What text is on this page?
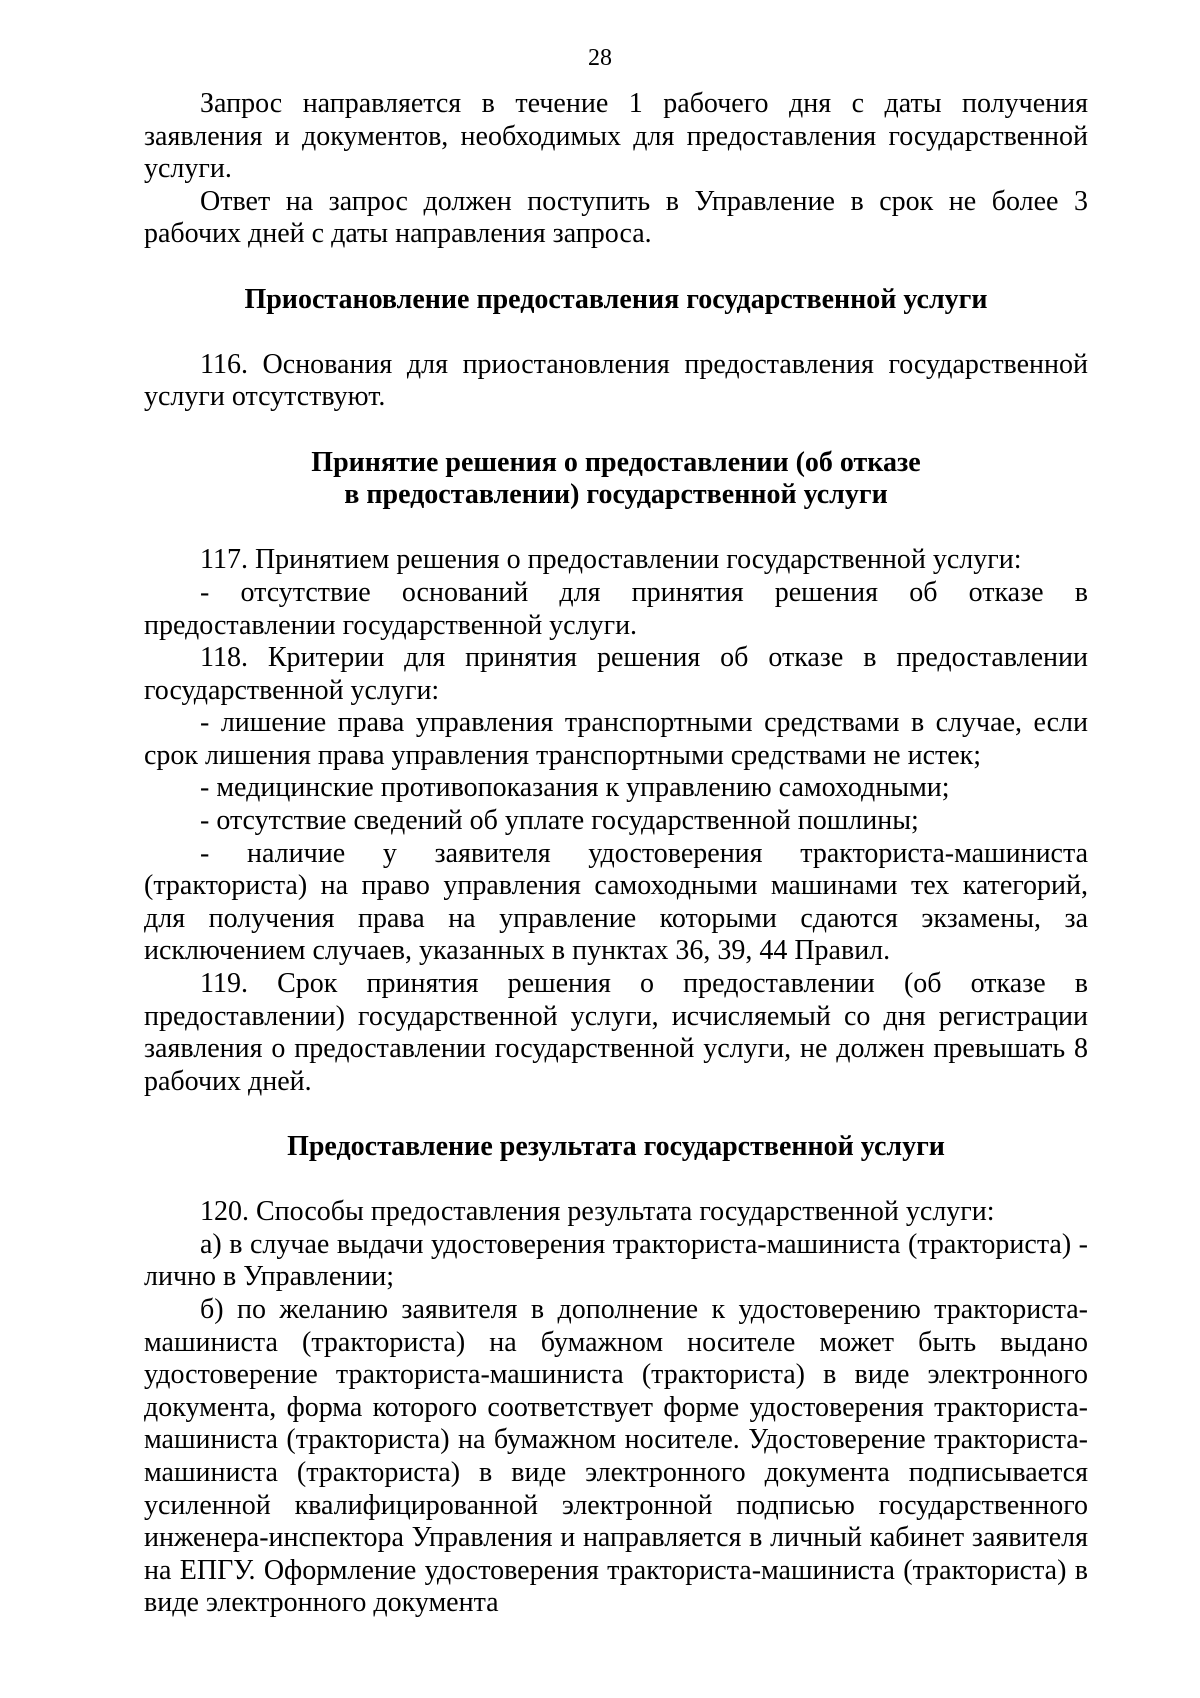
28

Запрос направляется в течение 1 рабочего дня с даты получения заявления и документов, необходимых для предоставления государственной услуги.

Ответ на запрос должен поступить в Управление в срок не более 3 рабочих дней с даты направления запроса.

Приостановление предоставления государственной услуги

116. Основания для приостановления предоставления государственной услуги отсутствуют.

Принятие решения о предоставлении (об отказе
в предоставлении) государственной услуги

117. Принятием решения о предоставлении государственной услуги:

- отсутствие оснований для принятия решения об отказе в предоставлении государственной услуги.

118. Критерии для принятия решения об отказе в предоставлении государственной услуги:

- лишение права управления транспортными средствами в случае, если срок лишения права управления транспортными средствами не истек;

- медицинские противопоказания к управлению самоходными;

- отсутствие сведений об уплате государственной пошлины;

- наличие у заявителя удостоверения тракториста-машиниста (тракториста) на право управления самоходными машинами тех категорий, для получения права на управление которыми сдаются экзамены, за исключением случаев, указанных в пунктах 36, 39, 44 Правил.

119. Срок принятия решения о предоставлении (об отказе в предоставлении) государственной услуги, исчисляемый со дня регистрации заявления о предоставлении государственной услуги, не должен превышать 8 рабочих дней.

Предоставление результата государственной услуги

120. Способы предоставления результата государственной услуги:

а) в случае выдачи удостоверения тракториста-машиниста (тракториста) - лично в Управлении;

б) по желанию заявителя в дополнение к удостоверению тракториста-машиниста (тракториста) на бумажном носителе может быть выдано удостоверение тракториста-машиниста (тракториста) в виде электронного документа, форма которого соответствует форме удостоверения тракториста-машиниста (тракториста) на бумажном носителе. Удостоверение тракториста-машиниста (тракториста) в виде электронного документа подписывается усиленной квалифицированной электронной подписью государственного инженера-инспектора Управления и направляется в личный кабинет заявителя на ЕПГУ. Оформление удостоверения тракториста-машиниста (тракториста) в виде электронного документа
